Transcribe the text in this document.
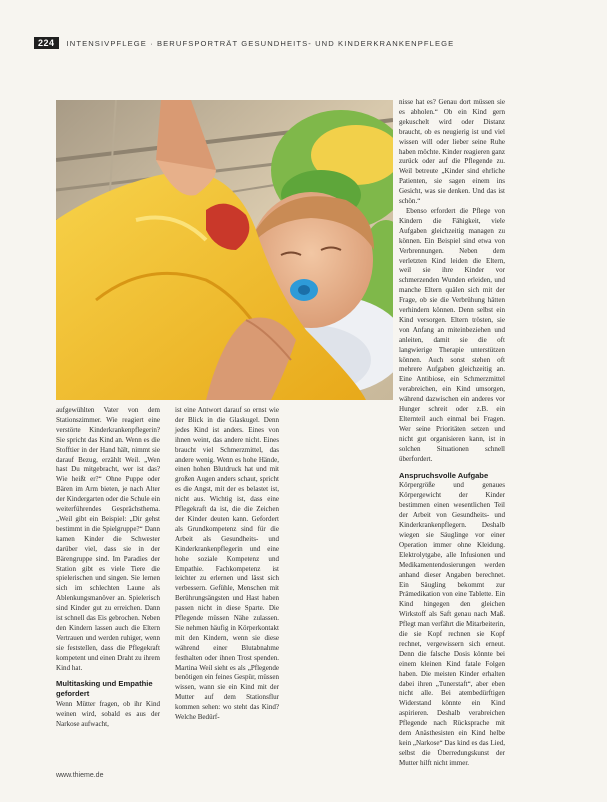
224	INTENSIVPFLEGE · BERUFSPORTRÄT GESUNDHEITS- UND KINDERKRANKENPFLEGE

aufgewühlten Vater von dem Stationszimmer. Wie reagiert eine verstörte Kinderkrankenpflegerin? Sie spricht das Kind an. Wenn es die Stofftier in der Hand hält, nimmt sie darauf Bezug, erzählt Weil. „Wen hast Du mitgebracht, wer ist das? Wie heißt er?“ Ohne Puppe oder Bären im Arm bieten, je nach Alter der Kindergarten oder die Schule ein weiterführendes Gesprächsthema. „Weil gibt ein Beispiel: „Dir gehst bestimmt in die Spielgruppe?“ Dann kamen Kinder die Schwester darüber viel, dass sie in der Bärengruppe sind. Im Paradies der Station gibt es viele Tiere die spielerischen und singen. Sie lernen sich im schlechten Laune als Ablenkungsmanöver an. Spielerisch sind Kinder gut zu erreichen. Dann ist schnell das Eis gebrochen. Neben den Kindern lassen auch die Eltern Vertrauen und werden ruhiger, wenn sie feststellen, dass die Pflegekraft kompetent und einen Draht zu ihrem Kind hat.

Multitasking und Empathie gefordert

Wenn Mütter fragen, ob ihr Kind weinen wird, sobald es aus der Narkose aufwacht,

ist eine Antwort darauf so ernst wie der Blick in die Glaskugel. Denn jedes Kind ist anders. Eines von ihnen weint, das andere nicht. Eines braucht viel Schmerzmittel, das andere wenig. Wenn es hohe Hände, einen hohen Blutdruck hat und mit großen Augen anders schaut, spricht es die Angst, mit der es belastet ist, nicht aus. Wichtig ist, dass eine Pflegekraft da ist, die die Zeichen der Kinder deuten kann. Gefordert als Grundkompetenz sind für die Arbeit als Gesundheits- und Kinderkrankenpflegerin und eine hohe soziale Kompetenz und Empathie. Fachkompetenz ist leichter zu erlernen und lässt sich verbessern. Gefühle, Menschen mit Berührungsängsten und Hast haben passen nicht in diese Sparte. Die Pflegende müssen Nähe zulassen. Sie nehmen häufig in Körperkontakt mit den Kindern, wenn sie diese während einer Blutabnahme festhalten oder ihnen Trost spenden. Martina Weil sieht es als „Pflegende benötigen ein feines Gespür, müssen wissen, wann sie ein Kind mit der Mutter auf dem Stationsflur kommen sehen: wo steht das Kind? Welche Bedürf-

nisse hat es? Genau dort müssen sie es abholen.“ Ob ein Kind gern gekuschelt wird oder Distanz braucht, ob es neugierig ist und viel wissen will oder lieber seine Ruhe haben möchte. Kinder reagieren ganz zurück oder auf die Pflegende zu. Weil betreute „Kinder sind ehrliche Patienten, sie sagen einem ins Gesicht, was sie denken. Und das ist schön.“

Ebenso erfordert die Pflege von Kindern die Fähigkeit, viele Aufgaben gleichzeitig managen zu können. Ein Beispiel sind etwa von Verbrennungen. Neben dem verletzten Kind leiden die Eltern, weil sie ihre Kinder vor schmerzenden Wunden erleiden, und manche Eltern quälen sich mit der Frage, ob sie die Verbrühung hätten verhindern können. Denn selbst ein Kind versorgen. Eltern trösten, sie von Anfang an miteinbeziehen und anleiten, damit sie die oft langwierige Therapie unterstützen können. Auch sonst stehen oft mehrere Aufgaben gleichzeitig an. Eine Antibiose, ein Schmerzmittel verabreichen, ein Kind umsorgen, während dazwischen ein anderes vor Hunger schreit oder z.B. ein Elternteil auch einmal bei Fragen. Wer seine Prioritäten setzen und nicht gut organisieren kann, ist in solchen Situationen schnell überfordert.

Anspruchsvolle Aufgabe

Körpergröße und genaues Körpergewicht der Kinder bestimmen einen wesentlichen Teil der Arbeit von Gesundheits- und Kinderkrankenpflegern. Deshalb wiegen sie Säuglinge vor einer Operation immer ohne Kleidung. Elektrolytgabe, alle Infusionen und Medikamentendosierungen werden anhand dieser Angaben berechnet. Ein Säugling bekommt zur Prämedikation von eine Tablette. Ein Kind hingegen den gleichen Wirkstoff als Saft genau nach Maß. Pflegt man verfährt die Mitarbeiterin, die sie Kopf rechnen sie Kopf rechnet, vergewissern sich erneut. Denn die falsche Dosis könnte bei einem kleinen Kind fatale Folgen haben. Die meisten Kinder erhalten dabei ihren „Tunerstaft“, aber eben nicht alle. Bei atembedürftigen Widerstand könnte ein Kind aspirieren. Deshalb verabreichen Pflegende nach Rücksprache mit dem Anästhesisten ein Kind helbe kein „Narkose“ Das kind es das Lied, selbst die Überredungskunst der Mutter hilft nicht immer.

www.thieme.de
